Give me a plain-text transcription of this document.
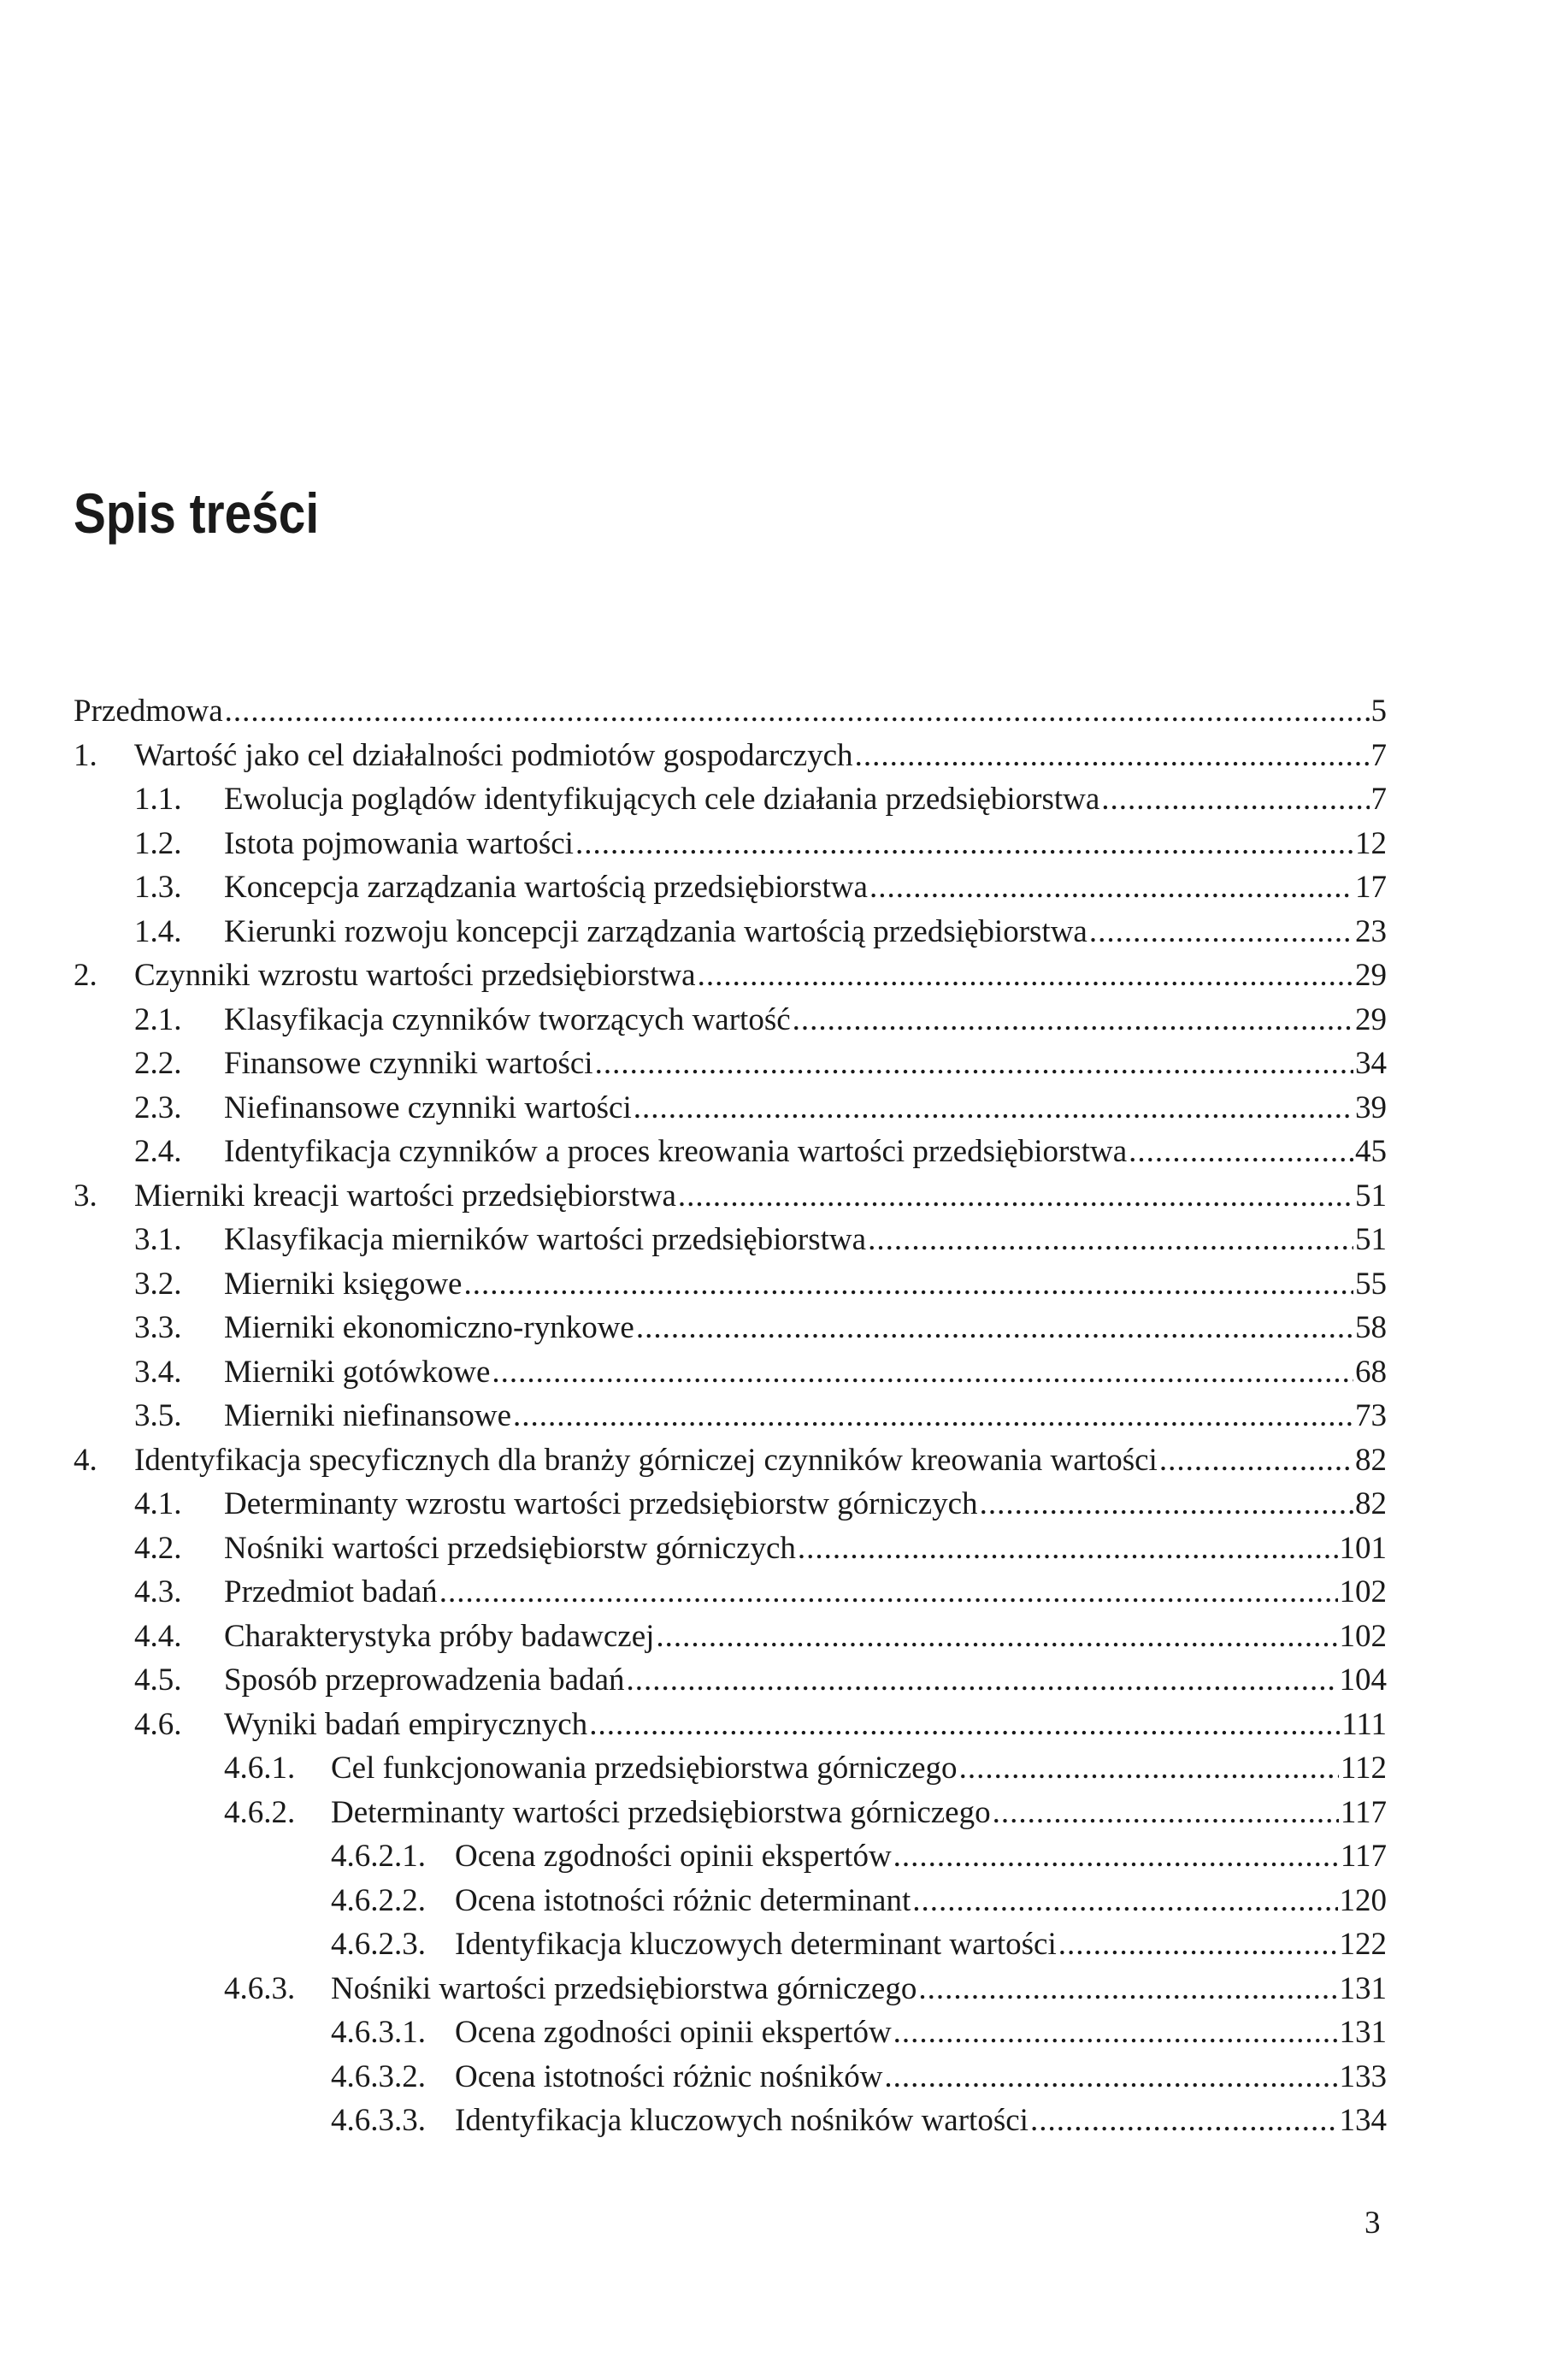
Spis treści
Przedmowa .....	5
1.	Wartość jako cel działalności podmiotów gospodarczych .....	7
1.1.	Ewolucja poglądów identyfikujących cele działania przedsiębiorstwa .....	7
1.2.	Istota pojmowania wartości .....	12
1.3.	Koncepcja zarządzania wartością przedsiębiorstwa .....	17
1.4.	Kierunki rozwoju koncepcji zarządzania wartością przedsiębiorstwa .....	23
2.	Czynniki wzrostu wartości przedsiębiorstwa .....	29
2.1.	Klasyfikacja czynników tworzących wartość .....	29
2.2.	Finansowe czynniki wartości .....	34
2.3.	Niefinansowe czynniki wartości .....	39
2.4.	Identyfikacja czynników a proces kreowania wartości przedsiębiorstwa .....	45
3.	Mierniki kreacji wartości przedsiębiorstwa .....	51
3.1.	Klasyfikacja mierników wartości przedsiębiorstwa .....	51
3.2.	Mierniki księgowe .....	55
3.3.	Mierniki ekonomiczno-rynkowe .....	58
3.4.	Mierniki gotówkowe .....	68
3.5.	Mierniki niefinansowe .....	73
4.	Identyfikacja specyficznych dla branży górniczej czynników kreowania wartości .....	82
4.1.	Determinanty wzrostu wartości przedsiębiorstw górniczych .....	82
4.2.	Nośniki wartości przedsiębiorstw górniczych .....	101
4.3.	Przedmiot badań .....	102
4.4.	Charakterystyka próby badawczej .....	102
4.5.	Sposób przeprowadzenia badań .....	104
4.6.	Wyniki badań empirycznych .....	111
4.6.1.	Cel funkcjonowania przedsiębiorstwa górniczego .....	112
4.6.2.	Determinanty wartości przedsiębiorstwa górniczego .....	117
4.6.2.1. Ocena zgodności opinii ekspertów .....	117
4.6.2.2. Ocena istotności różnic determinant .....	120
4.6.2.3. Identyfikacja kluczowych determinant wartości .....	122
4.6.3.	Nośniki wartości przedsiębiorstwa górniczego .....	131
4.6.3.1. Ocena zgodności opinii ekspertów .....	131
4.6.3.2. Ocena istotności różnic nośników .....	133
4.6.3.3. Identyfikacja kluczowych nośników wartości .....	134
3
